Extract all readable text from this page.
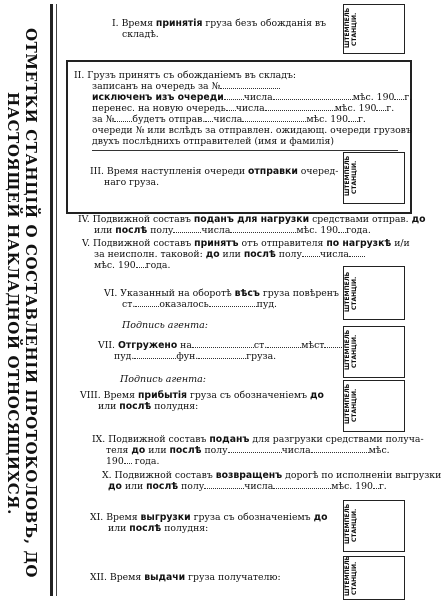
ОТМЕТКИ СТАНЦІЙ О СОСТАВЛЕНІИ ПРОТОКОЛОВЪ, ДО НАСТОЯЩЕЙ НАКЛАДНОЙ ОТНОСЯЩИХСЯ.
I. Время принятія груза безъ обожданія въ
складѣ.	ШТЕМПЕЛЬ СТАНЦІИ.
II. Грузъ принятъ съ обожданіемъ въ складъ:
записанъ на очередь за №
исключенъ изъ очереди числа	мѣс. 190 г.
перенес. на новую очередь числа	мѣс. 190 г.
за № будетъ отправ. числа	мѣс. 190 г.
очереди № или вслѣдъ за отправлен. ожидающ. очереди грузовъ
двухъ послѣднихъ отправителей (имя и фамилія)
III. Время наступленія очереди отправки очеред-
наго груза.	ШТЕМПЕЛЬ СТАНЦІИ.
IV. Подвижной составъ поданъ для нагрузки средствами отправ. до
или послѣ полу	числа	мѣс. 190 года.
V. Подвижной составъ принятъ отъ отправителя по нагрузкѣ и/и
за неисполн. таковой: до или послѣ полу числа
мѣс. 190 года.
VI. Указанный на оборотѣ вѣсъ груза повѣренъ
ст.	оказалось	пуд.	ШТЕМПЕЛЬ СТАНЦІИ.
Подпись агента:
VII. Отгружено на	ст.	мѣст
пуд.	фун.	груза.	ШТЕМПЕЛЬ СТАНЦІИ.
Подпись агента:
VIII. Время прибытія груза съ обозначеніемъ до
или послѣ полудня:	ШТЕМПЕЛЬ СТАНЦІИ.
IX. Подвижной составъ поданъ для разгрузки средствами получа-
теля до или послѣ полу	числа	мѣс.
190 года.
X. Подвижной составъ возвращенъ дорогѣ по исполненіи выгрузки
до или послѣ полу	числа	мѣс. 190 г.
XI. Время выгрузки груза съ обозначеніемъ до
или послѣ полудня:	ШТЕМПЕЛЬ СТАНЦІИ.
XII. Время выдачи груза получателю:	ШТЕМПЕЛЬ СТАНЦІИ.
